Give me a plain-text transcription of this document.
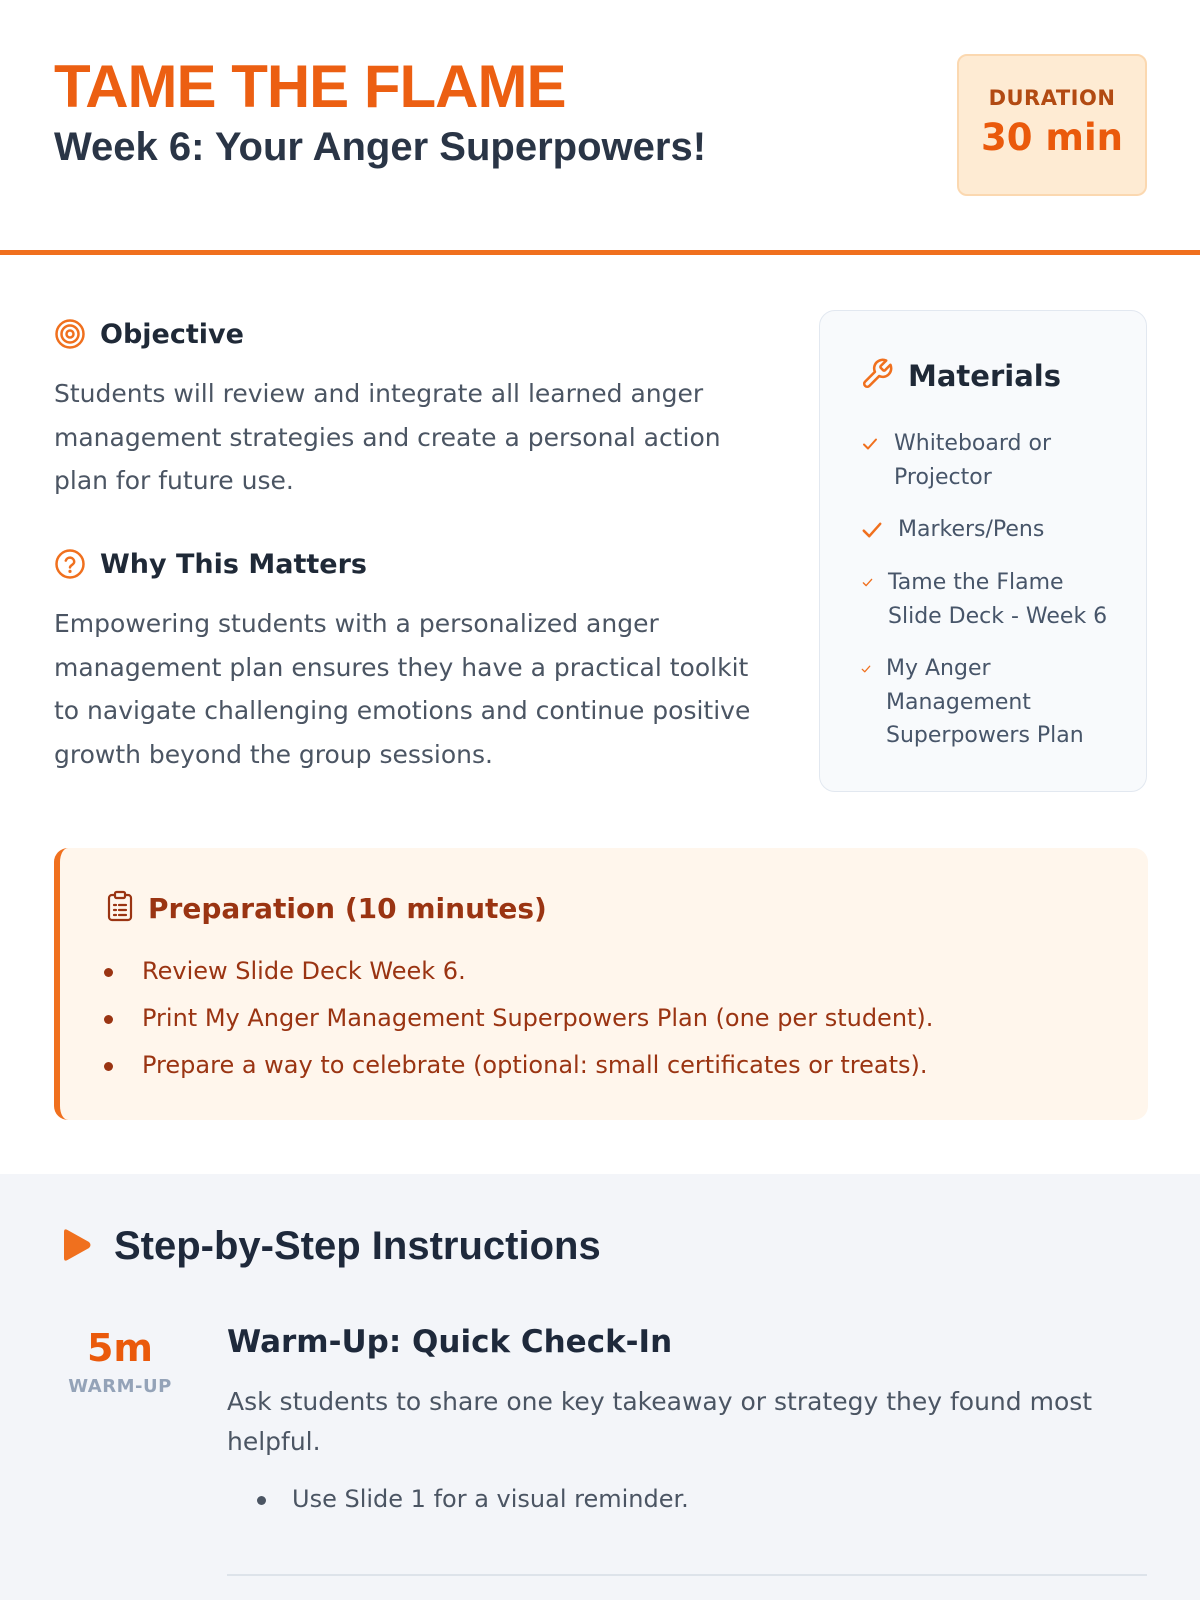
TAME THE FLAME
Week 6: Your Anger Superpowers!
DURATION
30 min
Objective
Students will review and integrate all learned anger management strategies and create a personal action plan for future use.
Why This Matters
Empowering students with a personalized anger management plan ensures they have a practical toolkit to navigate challenging emotions and continue positive growth beyond the group sessions.
Materials
Whiteboard or Projector
Markers/Pens
Tame the Flame Slide Deck - Week 6
My Anger Management Superpowers Plan
Preparation (10 minutes)
Review Slide Deck Week 6.
Print My Anger Management Superpowers Plan (one per student).
Prepare a way to celebrate (optional: small certificates or treats).
Step-by-Step Instructions
5m
WARM-UP
Warm-Up: Quick Check-In
Ask students to share one key takeaway or strategy they found most helpful.
Use Slide 1 for a visual reminder.
